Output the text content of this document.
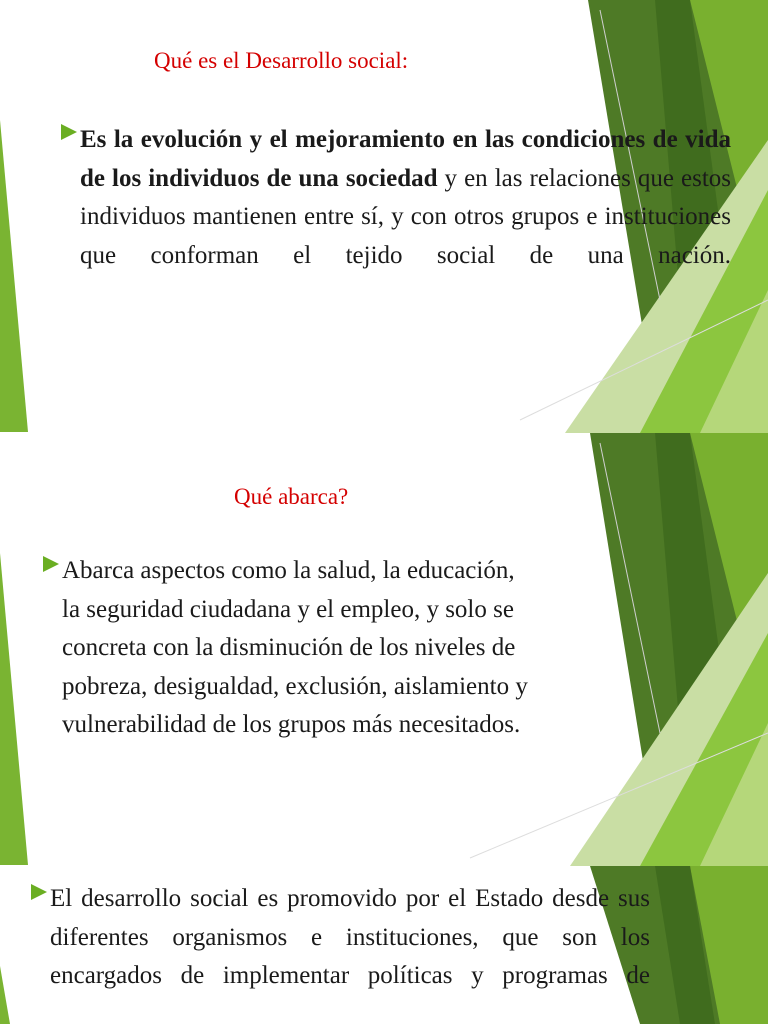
Qué es el Desarrollo social:

Es la evolución y el mejoramiento en las condiciones de vida de los individuos de una sociedad y en las relaciones que estos individuos mantienen entre sí, y con otros grupos e instituciones que conforman el tejido social de una nación.

Qué abarca?

Abarca aspectos como la salud, la educación,
la seguridad ciudadana y el empleo, y solo se
concreta con la disminución de los niveles de
pobreza, desigualdad, exclusión, aislamiento y
vulnerabilidad de los grupos más necesitados.

El desarrollo social es promovido por el Estado desde sus diferentes organismos e instituciones, que son los encargados de implementar políticas y programas de
